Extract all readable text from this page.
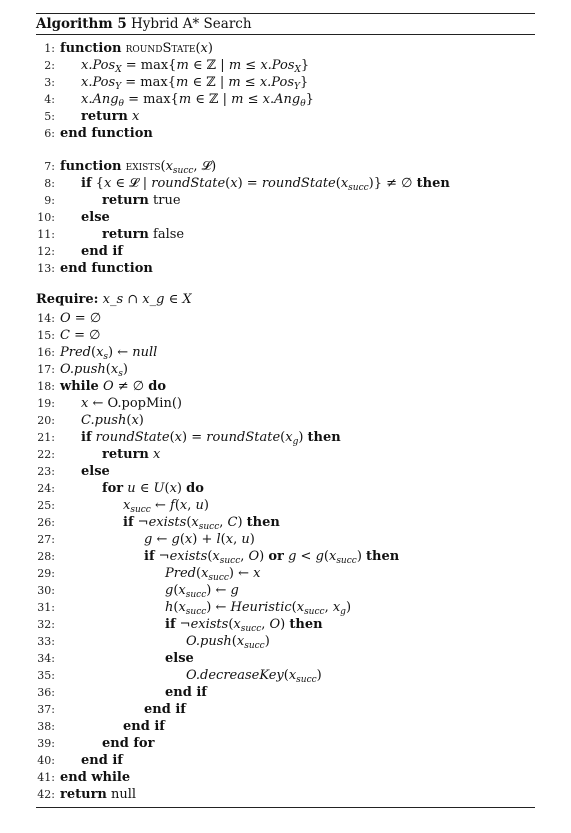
Algorithm 5 Hybrid A* Search
Require: x_s ∩ x_g ∈ X
1: function roundState(x)
2: x.Pos$_X$ = max{m ∈ ℤ | m ≤ x.Pos$_X$}
3: x.Pos$_Y$ = max{m ∈ ℤ | m ≤ x.Pos$_Y$}
4: x.Ang$_\theta$ = max{m ∈ ℤ | m ≤ x.Ang$_\theta$}
5: return x
6: end function
7: function $exists(x_{succ}$, 𝓛)
8: if {x ∈ 𝓛 | roundState(x) = $roundState(x_{succ})$} ≠ ∅ then
9:	return true
10: else
11:	return false
12: end if
13: end function
14: O = ∅
15: C = ∅
16: $Pred(x_s)$ ← null
17: $O.push(x_s)$
18: while O ≠ ∅ do
19: x ← O.popMin()
20: C.push(x)
21: if roundState(x) = $roundState(x_g)$ then
22:	return x
23: else
24:	for u ∈ U(x) do
25:	$x_{succ}$ ← f(x, u)
26:	if $\neg exists(x_{succ}$, C) then
27:	g ← g(x) + l(x, u)
28:	if $\neg exists(x_{succ}$, O) or $g < g(x_{succ})$ then
29:	$Pred(x_{succ})$ ← x
30:	$g(x_{succ})$ ← g
31:	$h(x_{succ})$ ← $Heuristic(x_{succ}$, $x_g$)
32:	if $\neg exists(x_{succ}$, O) then
33:	$O.push(x_{succ})$
34:	else
35:	$O.decreaseKey(x_{succ})$
36:	end if
37:	end if
38:	end if
39:	end for
40: end if
41: end while
42: return null
